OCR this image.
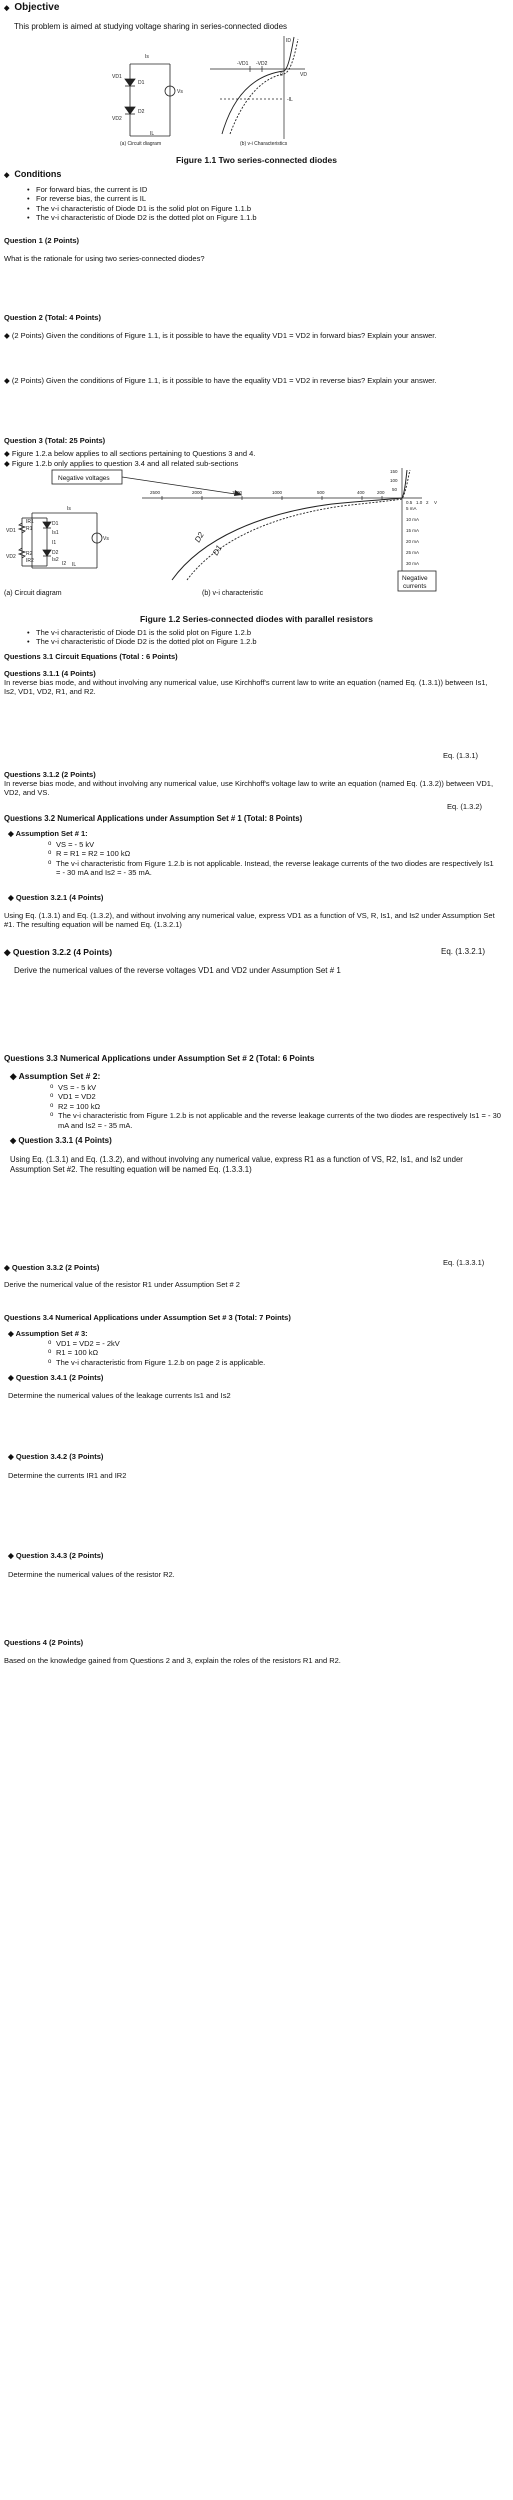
◆ Objective
This problem is aimed at studying voltage sharing in series-connected diodes
Is
VD1
D1
D2
VD2
Vs
IL
(a) Circuit diagram
ID
VD
-VD1 -VD2
0
-IL
(b) v-i Characteristics
Figure 1.1 Two series-connected diodes
◆ Conditions
• For forward bias, the current is ID
• For reverse bias, the current is IL
• The v-i characteristic of Diode D1 is the solid plot on Figure 1.1.b
• The v-i characteristic of Diode D2 is the dotted plot on Figure 1.1.b
Question 1 (2 Points)
What is the rationale for using two series-connected diodes?
Question 2 (Total: 4 Points)
◆ (2 Points) Given the conditions of Figure 1.1, is it possible to have the equality VD1 = VD2 in forward bias? Explain your answer.
◆ (2 Points) Given the conditions of Figure 1.1, is it possible to have the equality VD1 = VD2 in reverse bias? Explain your answer.
Question 3 (Total: 25 Points)
◆ Figure 1.2.a below applies to all sections pertaining to Questions 3 and 4.
◆ Figure 1.2.b only applies to question 3.4 and all related sub-sections
Negative voltages
Is
IR1
R1
D1
Is1
I1
VD1
VD2 R2
IR2
D2
Is2
I2
Vs
IL
(a) Circuit diagram
2500	2000	1500	1000	500	400	200
0.5 1.0 2 V
150
100
50
5 mA
10 mA
15 mA
20 mA
25 mA
30 mA
D2
D1
Negative
currents
(b) v-i characteristic
Figure 1.2 Series-connected diodes with parallel resistors
• The v-i characteristic of Diode D1 is the solid plot on Figure 1.2.b
• The v-i characteristic of Diode D2 is the dotted plot on Figure 1.2.b
Questions 3.1 Circuit Equations (Total : 6 Points)
Questions 3.1.1 (4 Points)
In reverse bias mode, and without involving any numerical value, use Kirchhoff's current law to write an equation (named Eq. (1.3.1)) between Is1, Is2, VD1, VD2, R1, and R2.
Eq. (1.3.1)
Questions 3.1.2 (2 Points)
In reverse bias mode, and without involving any numerical value, use Kirchhoff's voltage law to write an equation (named Eq. (1.3.2)) between VD1, VD2, and VS.
Eq. (1.3.2)
Questions 3.2 Numerical Applications under Assumption Set # 1 (Total: 8 Points)
◆ Assumption Set # 1:
o VS = - 5 kV
o R = R1 = R2 = 100 kΩ
o The v-i characteristic from Figure 1.2.b is not applicable. Instead, the reverse leakage currents of the two diodes are respectively Is1 = - 30 mA and Is2 = - 35 mA.
◆ Question 3.2.1 (4 Points)
Using Eq. (1.3.1) and Eq. (1.3.2), and without involving any numerical value, express VD1 as a function of VS, R, Is1, and Is2 under Assumption Set #1. The resulting equation will be named Eq. (1.3.2.1)
◆ Question 3.2.2 (4 Points)	Eq. (1.3.2.1)
Derive the numerical values of the reverse voltages VD1 and VD2 under Assumption Set # 1
Questions 3.3 Numerical Applications under Assumption Set # 2 (Total: 6 Points
◆ Assumption Set # 2:
o VS = - 5 kV
o VD1 = VD2
o R2 = 100 kΩ
o The v-i characteristic from Figure 1.2.b is not applicable and the reverse leakage currents of the two diodes are respectively Is1 = - 30 mA and Is2 = - 35 mA.
◆ Question 3.3.1 (4 Points)
Using Eq. (1.3.1) and Eq. (1.3.2), and without involving any numerical value, express R1 as a function of VS, R2, Is1, and Is2 under Assumption Set #2. The resulting equation will be named Eq. (1.3.3.1)
Eq. (1.3.3.1)
◆ Question 3.3.2 (2 Points)
Derive the numerical value of the resistor R1 under Assumption Set # 2
Questions 3.4 Numerical Applications under Assumption Set # 3 (Total: 7 Points)
◆ Assumption Set # 3:
o VD1 = VD2 = - 2kV
o R1 = 100 kΩ
o The v-i characteristic from Figure 1.2.b on page 2 is applicable.
◆ Question 3.4.1 (2 Points)
Determine the numerical values of the leakage currents Is1 and Is2
◆ Question 3.4.2 (3 Points)
Determine the currents IR1 and IR2
◆ Question 3.4.3 (2 Points)
Determine the numerical values of the resistor R2.
Questions 4 (2 Points)
Based on the knowledge gained from Questions 2 and 3, explain the roles of the resistors R1 and R2.
